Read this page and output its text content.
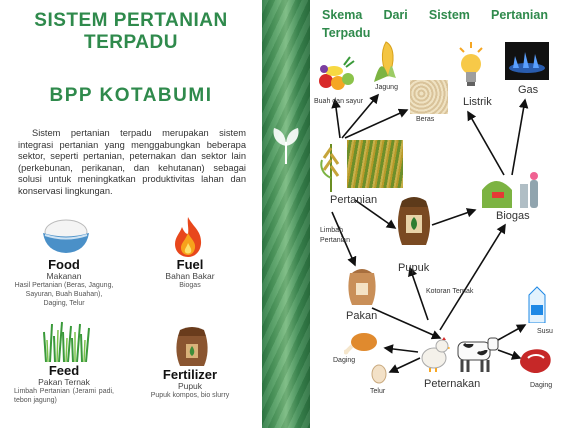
SISTEM PERTANIAN
TERPADU
BPP KOTABUMI
Sistem pertanian terpadu merupakan sistem integrasi pertanian yang menggabungkan beberapa sektor, seperti pertanian, peternakan dan sektor lain (perkebunan, perikanan, dan kehutanan) sebagai solusi untuk meningkatkan produktivitas lahan dan konservasi lingkungan.
Food
Makanan
Hasil Pertanian (Beras, Jagung, Sayuran, Buah Buahan), Daging, Telur
Fuel
Bahan Bakar
Biogas
Feed
Pakan Ternak
Limbah Pertanian (Jerami padi, tebon jagung)
Fertilizer
Pupuk
Pupuk kompos, bio slurry
Skema Dari Sistem Pertanian
Terpadu
Buah dan sayur
Jagung
Beras
Listrik
Gas
Pertanian
Biogas
Limbah Pertanian
Pupuk
Pakan
Kotoran Ternak
Susu
Daging
Daging
Telur
Peternakan
